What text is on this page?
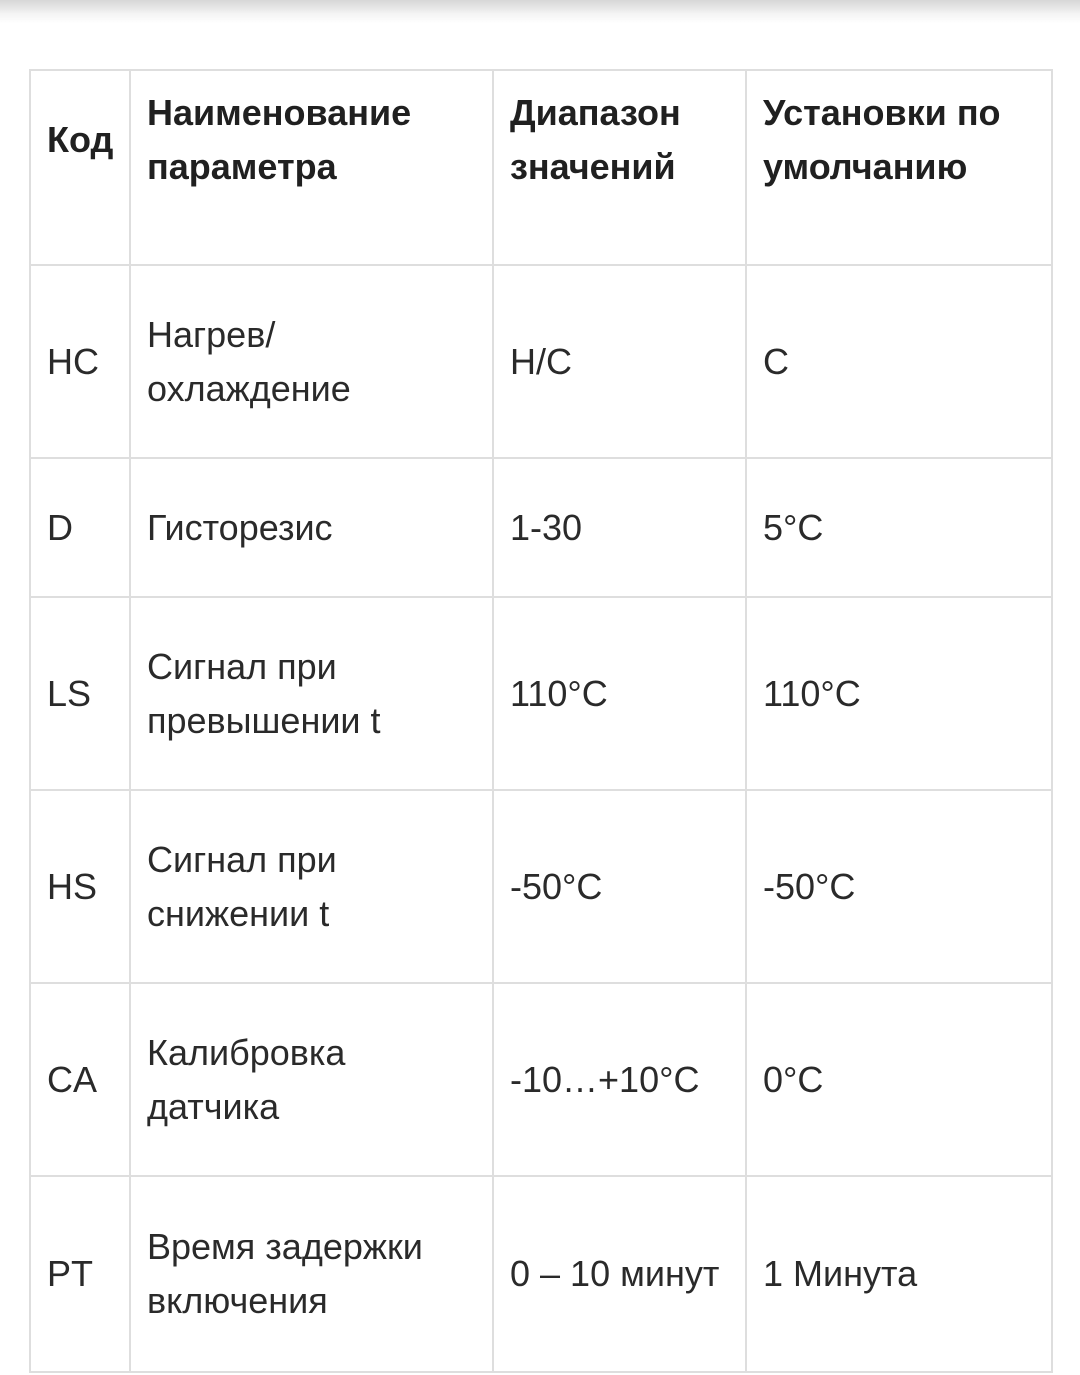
Код	Наименование параметра	Диапазон значений	Установки по умолчанию
HC	Нагрев/ охлаждение	H/C	C
D	Гисторезис	1-30	5°C
LS	Сигнал при превышении t	110°C	110°C
HS	Сигнал при снижении t	-50°C	-50°C
CA	Калибровка датчика	-10…+10°C	0°C
PT	Время задержки включения	0 – 10 минут	1 Минута
